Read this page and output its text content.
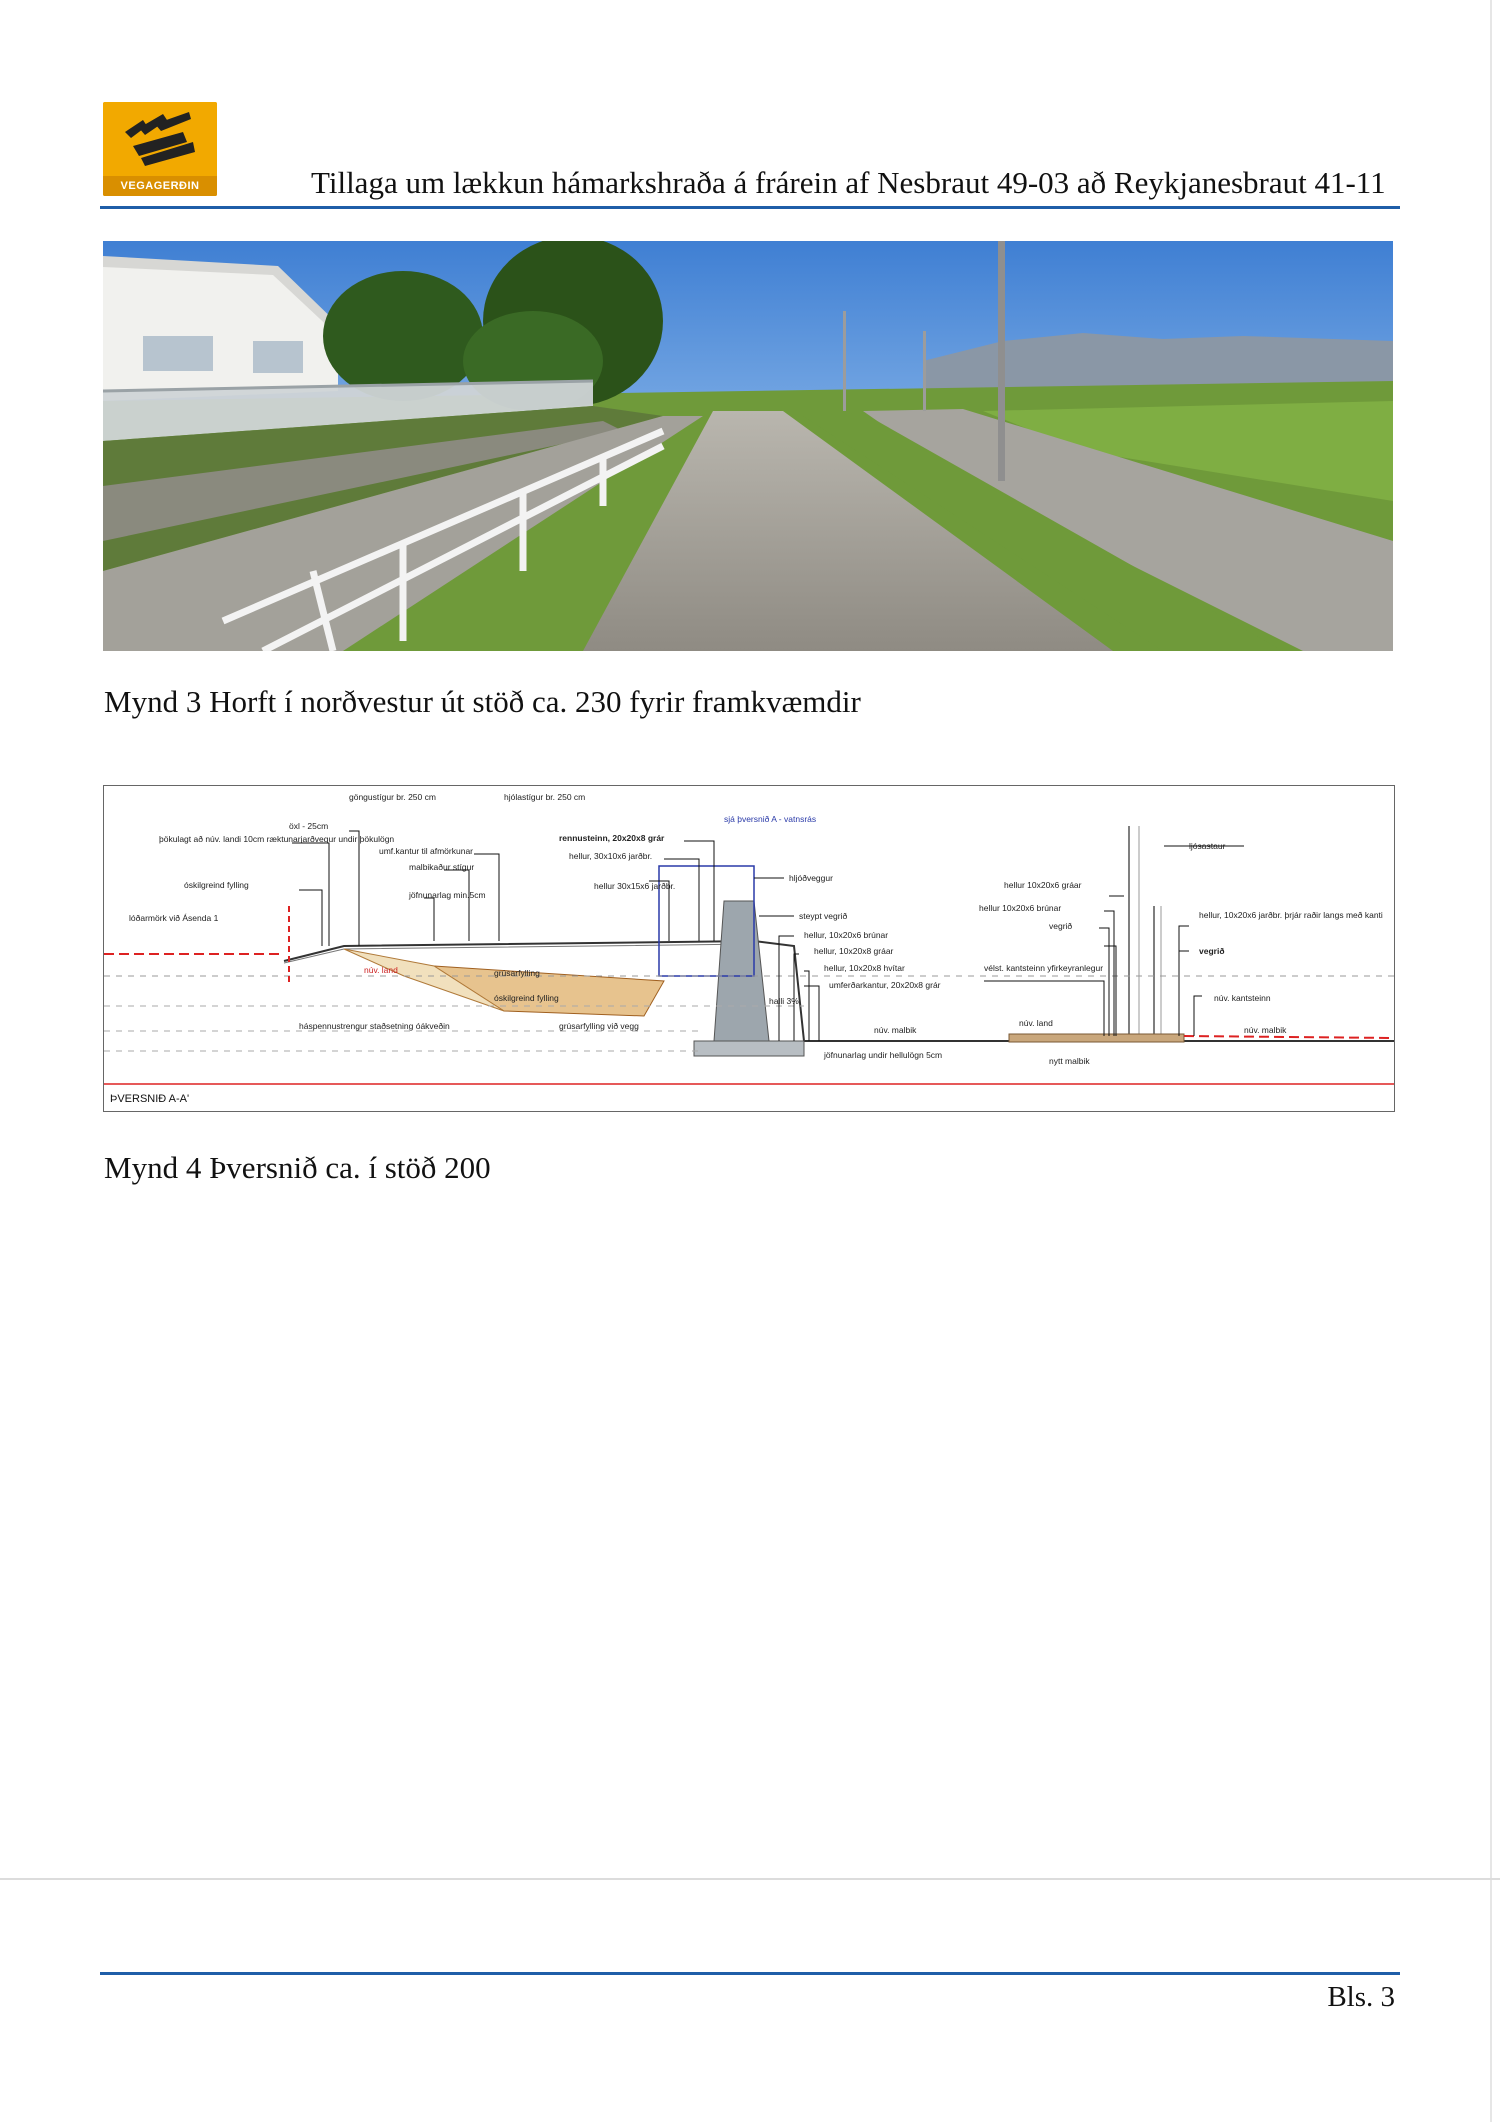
VEGAGERÐIN	Tillaga um lækkun hámarkshraða á frárein af Nesbraut 49-03 að Reykjanesbraut 41-11
Mynd 3 Horft í norðvestur út stöð ca. 230 fyrir framkvæmdir
göngustígur br. 250 cm	hjólastígur br. 250 cm
sjá þversnið A - vatnsrás
ljósastaur
öxl - 25cm
þökulagt að núv. landi 10cm ræktunarjarðvegur undir þökulögn
óskilgreind fylling
lóðarmörk við Ásenda 1
umf.kantur til afmörkunar
malbikaður stígur
jöfnunarlag min.5cm
rennusteinn, 20x20x8 grár
hellur, 30x10x6 jarðbr.
hellur 30x15x6 jarðbr.
hljóðveggur
hellur 10x20x6 gráar
hellur 10x20x6 brúnar
vegrið
hellur, 10x20x6 jarðbr. þrjár raðir langs með kanti
vegrið
steypt vegrið
hellur, 10x20x6 brúnar
hellur, 10x20x8 gráar
hellur, 10x20x8 hvítar
umferðarkantur, 20x20x8 grár
vélst. kantsteinn yfirkeyranlegur
núv. kantsteinn
núv. land	grúsarfylling
óskilgreind fylling
háspennustrengur staðsetning óákveðin	grúsarfylling við vegg
halli 3%
núv. malbik
núv. land
núv. malbik
jöfnunarlag undir hellulögn 5cm
nytt malbik
ÞVERSNIÐ A-A'
Mynd 4 Þversnið ca. í stöð 200
Bls. 3
